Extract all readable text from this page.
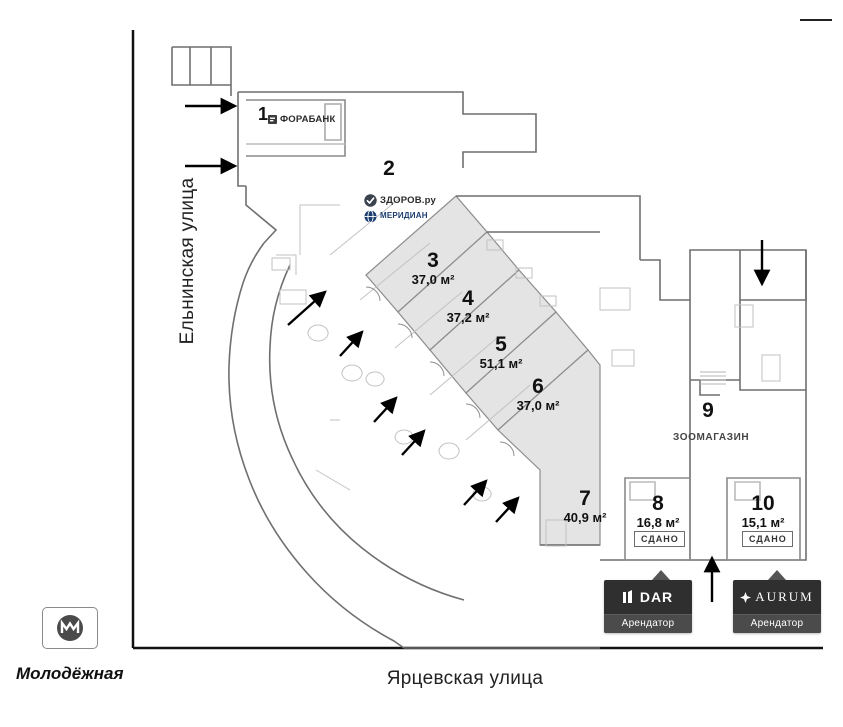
Ельнинская улица
Ярцевская улица
Молодёжная
1	ФОРАБАНК
2
ЗДОРОВ.ру
МЕРИДИАН
3
37,0 м²
4
37,2 м²
5
51,1 м²
6
37,0 м²
7
40,9 м²
8
16,8 м²
СДАНО
9
ЗООМАГАЗИН
10
15,1 м²
СДАНО
DAR
Арендатор
AURUM
Арендатор
